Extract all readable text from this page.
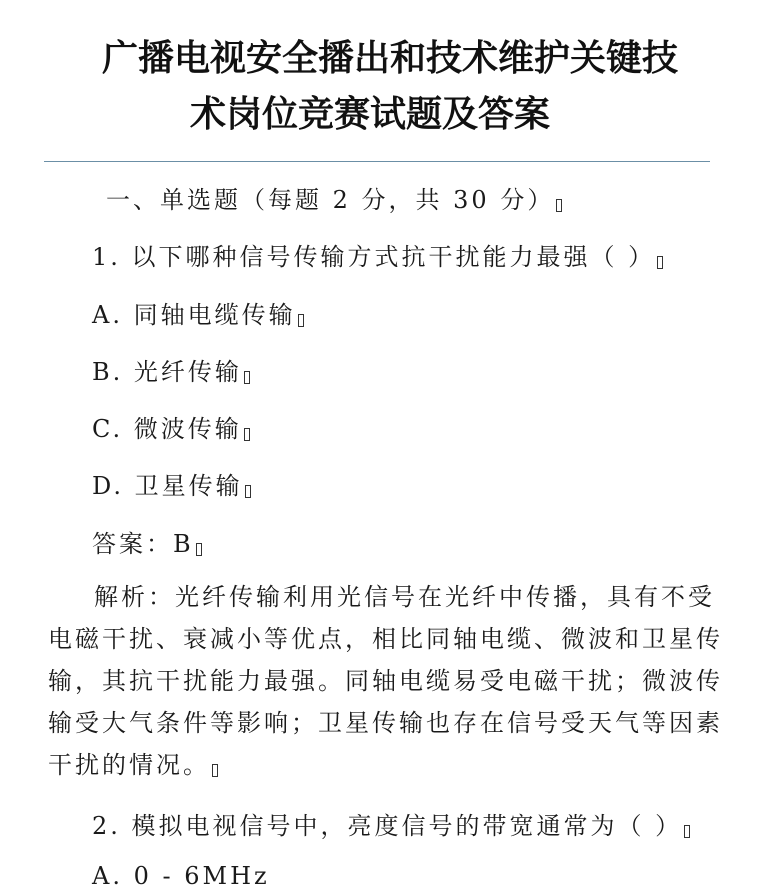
广播电视安全播出和技术维护关键技
术岗位竞赛试题及答案
一、单选题（每题 2 分，共 30 分）
1. 以下哪种信号传输方式抗干扰能力最强（ ）
A. 同轴电缆传输
B. 光纤传输
C. 微波传输
D. 卫星传输
答案：B
解析：光纤传输利用光信号在光纤中传播，具有不受电磁干扰、衰减小等优点，相比同轴电缆、微波和卫星传输，其抗干扰能力最强。同轴电缆易受电磁干扰；微波传输受大气条件等影响；卫星传输也存在信号受天气等因素干扰的情况。
2. 模拟电视信号中，亮度信号的带宽通常为（ ）
A. 0 - 6MHz
